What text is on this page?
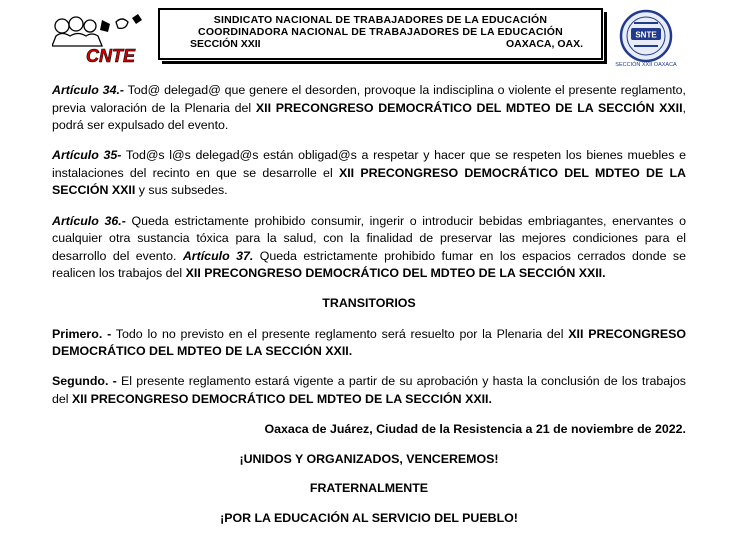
CNTE
SINDICATO NACIONAL DE TRABAJADORES DE LA EDUCACIÓN
COORDINADORA NACIONAL DE TRABAJADORES DE LA EDUCACIÓN
SECCIÓN XXII	OAXACA, OAX.
SNTE
SECCIÓN XXII OAXACA

Artículo 34.- Tod@ delegad@ que genere el desorden, provoque la indisciplina o violente el presente reglamento, previa valoración de la Plenaria del XII PRECONGRESO DEMOCRÁTICO DEL MDTEO DE LA SECCIÓN XXII, podrá ser expulsado del evento.

Artículo 35- Tod@s l@s delegad@s están obligad@s a respetar y hacer que se respeten los bienes muebles e instalaciones del recinto en que se desarrolle el XII PRECONGRESO DEMOCRÁTICO DEL MDTEO DE LA SECCIÓN XXII y sus subsedes.

Artículo 36.- Queda estrictamente prohibido consumir, ingerir o introducir bebidas embriagantes, enervantes o cualquier otra sustancia tóxica para la salud, con la finalidad de preservar las mejores condiciones para el desarrollo del evento. Artículo 37. Queda estrictamente prohibido fumar en los espacios cerrados donde se realicen los trabajos del XII PRECONGRESO DEMOCRÁTICO DEL MDTEO DE LA SECCIÓN XXII.

TRANSITORIOS

Primero. - Todo lo no previsto en el presente reglamento será resuelto por la Plenaria del XII PRECONGRESO DEMOCRÁTICO DEL MDTEO DE LA SECCIÓN XXII.

Segundo. - El presente reglamento estará vigente a partir de su aprobación y hasta la conclusión de los trabajos del XII PRECONGRESO DEMOCRÁTICO DEL MDTEO DE LA SECCIÓN XXII.

Oaxaca de Juárez, Ciudad de la Resistencia a 21 de noviembre de 2022.

¡UNIDOS Y ORGANIZADOS, VENCEREMOS!

FRATERNALMENTE

¡POR LA EDUCACIÓN AL SERVICIO DEL PUEBLO!
